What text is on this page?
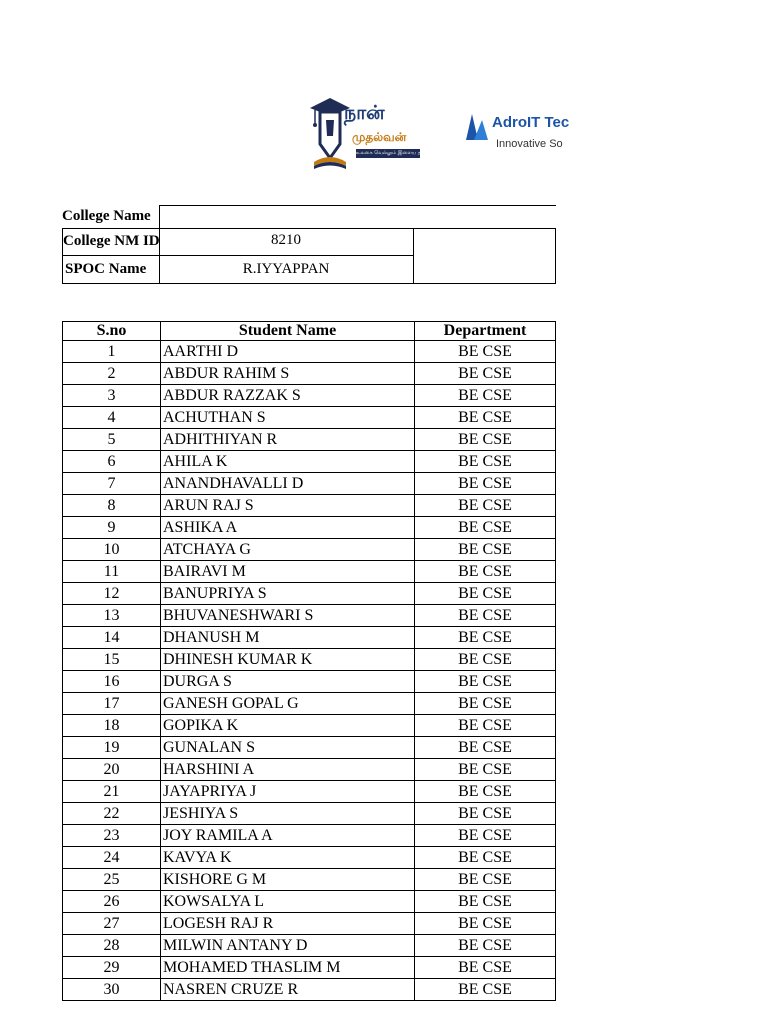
நான்
முதல்வன்
உலகை வெல்லும் இளைய தமிழகம்
AdroIT Tec
Innovative So
College Name
College NM ID	8210
SPOC Name	R.IYYAPPAN
S.no	Student Name	Department
1	AARTHI D	BE CSE
2	ABDUR RAHIM S	BE CSE
3	ABDUR RAZZAK S	BE CSE
4	ACHUTHAN S	BE CSE
5	ADHITHIYAN R	BE CSE
6	AHILA K	BE CSE
7	ANANDHAVALLI D	BE CSE
8	ARUN RAJ S	BE CSE
9	ASHIKA A	BE CSE
10	ATCHAYA G	BE CSE
11	BAIRAVI M	BE CSE
12	BANUPRIYA S	BE CSE
13	BHUVANESHWARI S	BE CSE
14	DHANUSH M	BE CSE
15	DHINESH KUMAR K	BE CSE
16	DURGA S	BE CSE
17	GANESH GOPAL G	BE CSE
18	GOPIKA K	BE CSE
19	GUNALAN S	BE CSE
20	HARSHINI A	BE CSE
21	JAYAPRIYA J	BE CSE
22	JESHIYA S	BE CSE
23	JOY RAMILA A	BE CSE
24	KAVYA K	BE CSE
25	KISHORE G M	BE CSE
26	KOWSALYA L	BE CSE
27	LOGESH RAJ R	BE CSE
28	MILWIN ANTANY D	BE CSE
29	MOHAMED THASLIM M	BE CSE
30	NASREN CRUZE R	BE CSE
